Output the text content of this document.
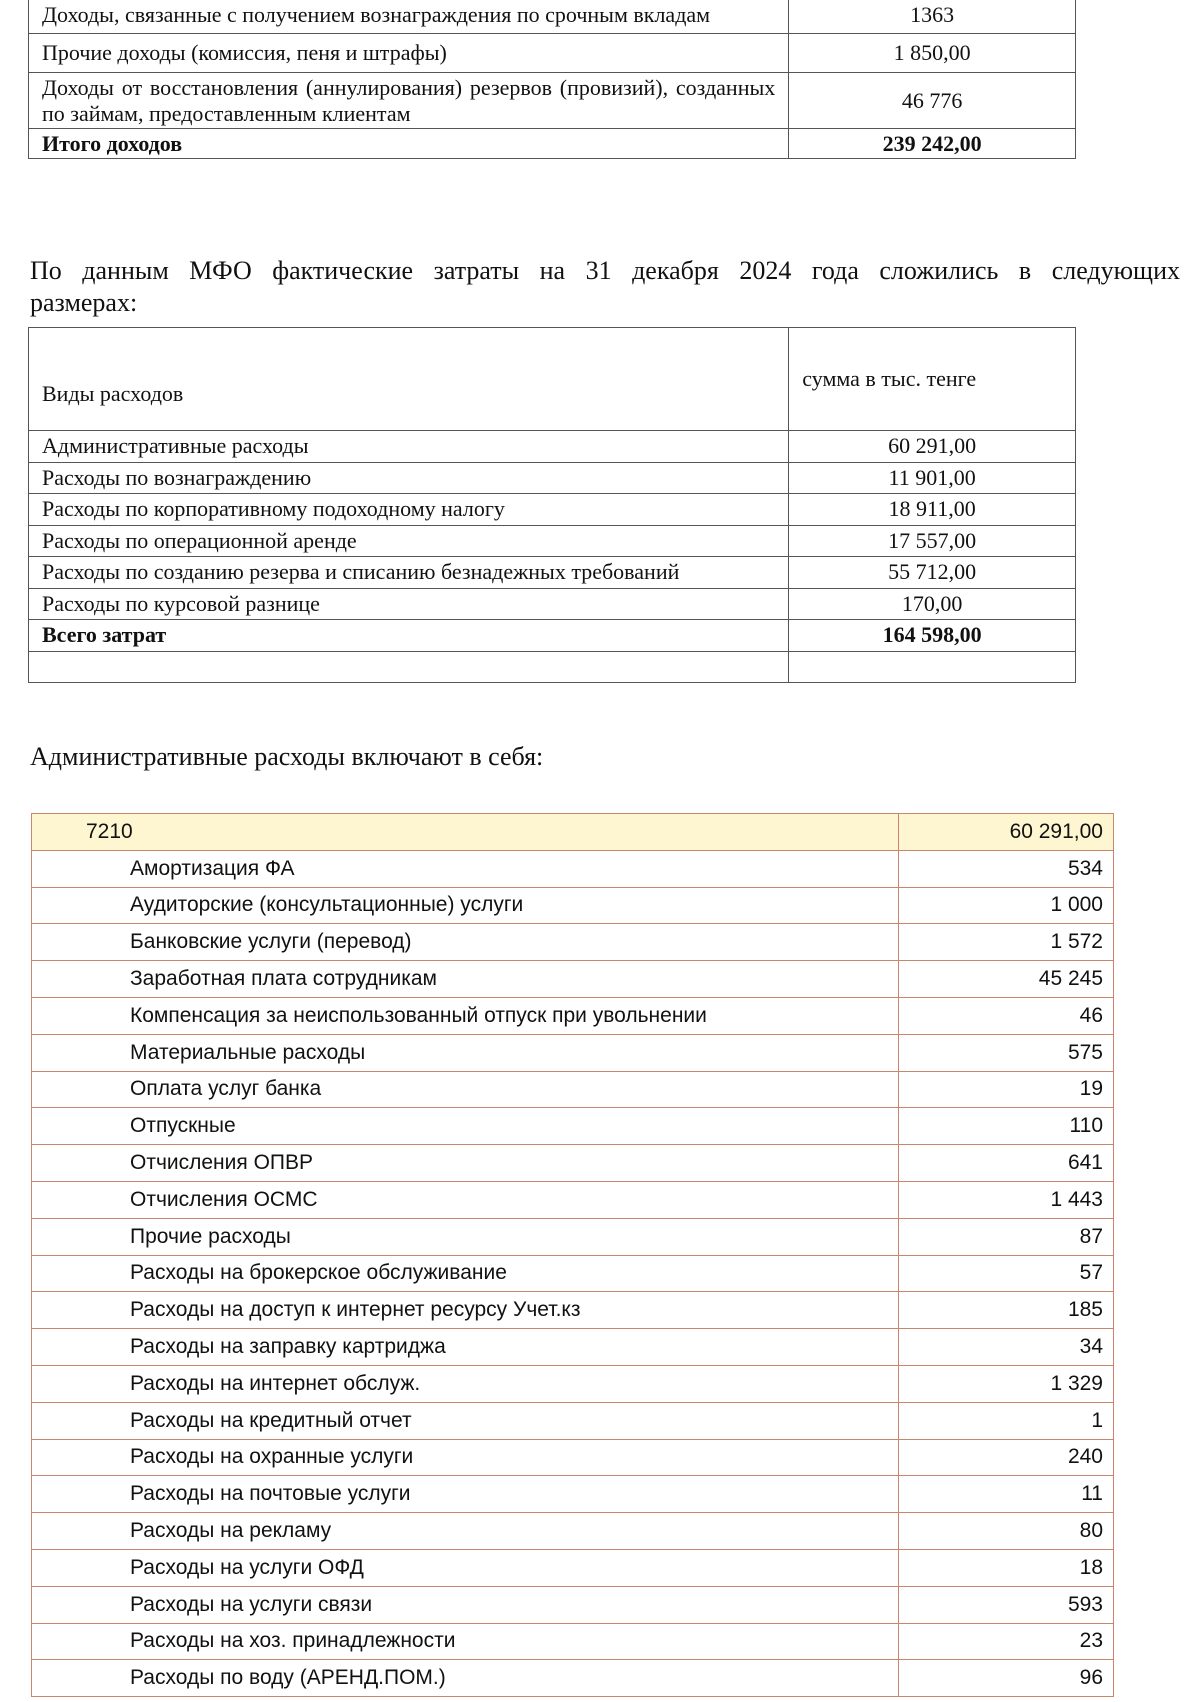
Доходы, связанные с получением вознаграждения по срочным вкладам	1363
Прочие доходы (комиссия, пеня и штрафы)	1 850,00
Доходы от восстановления (аннулирования) резервов (провизий), созданных по займам, предоставленным клиентам	46 776
Итого доходов	239 242,00

По данным МФО фактические затраты на 31 декабря 2024 года сложились в следующих размерах:

Виды расходов	сумма в тыс. тенге
Административные расходы	60 291,00
Расходы по вознаграждению	11 901,00
Расходы по корпоративному подоходному налогу	18 911,00
Расходы по операционной аренде	17 557,00
Расходы по созданию резерва и списанию безнадежных требований	55 712,00
Расходы по курсовой разнице	170,00
Всего затрат	164 598,00

Административные расходы включают в себя:

7210	60 291,00
Амортизация ФА	534
Аудиторские (консультационные) услуги	1 000
Банковские услуги (перевод)	1 572
Заработная плата сотрудникам	45 245
Компенсация за неиспользованный отпуск при увольнении	46
Материальные расходы	575
Оплата услуг банка	19
Отпускные	110
Отчисления ОПВР	641
Отчисления ОСМС	1 443
Прочие расходы	87
Расходы на брокерское обслуживание	57
Расходы на доступ к интернет ресурсу Учет.кз	185
Расходы на заправку картриджа	34
Расходы на интернет обслуж.	1 329
Расходы на кредитный отчет	1
Расходы на охранные услуги	240
Расходы на почтовые услуги	11
Расходы на рекламу	80
Расходы на услуги ОФД	18
Расходы на услуги связи	593
Расходы на хоз. принадлежности	23
Расходы по воду (АРЕНД.ПОМ.)	96
